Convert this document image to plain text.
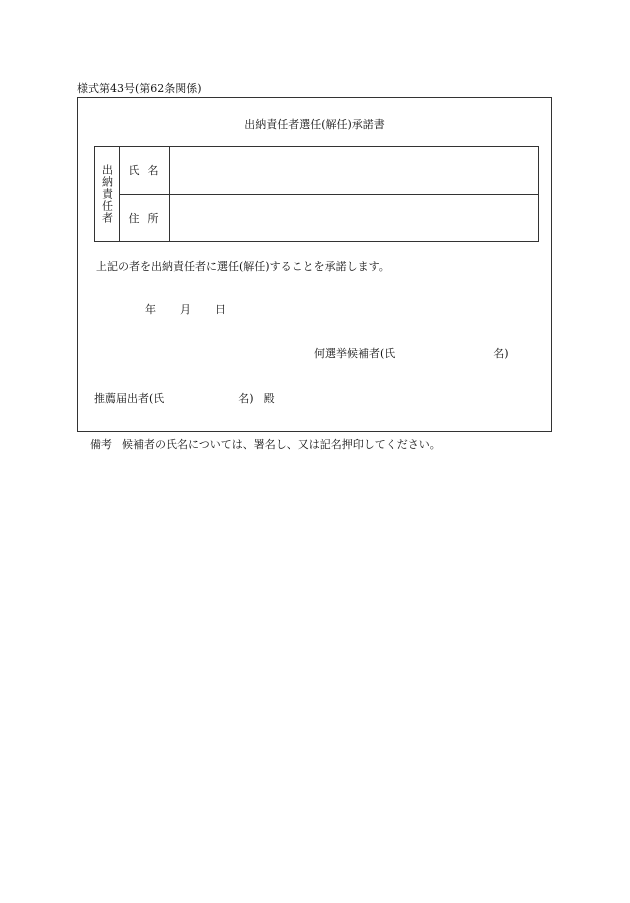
様式第43号(第62条関係)
出納責任者選任(解任)承諾書
出納責任者	氏名	
	住所	
上記の者を出納責任者に選任(解任)することを承諾します。
年 月 日
何選挙候補者(氏	名)
推薦届出者(氏	名) 殿
備考 候補者の氏名については、署名し、又は記名押印してください。
